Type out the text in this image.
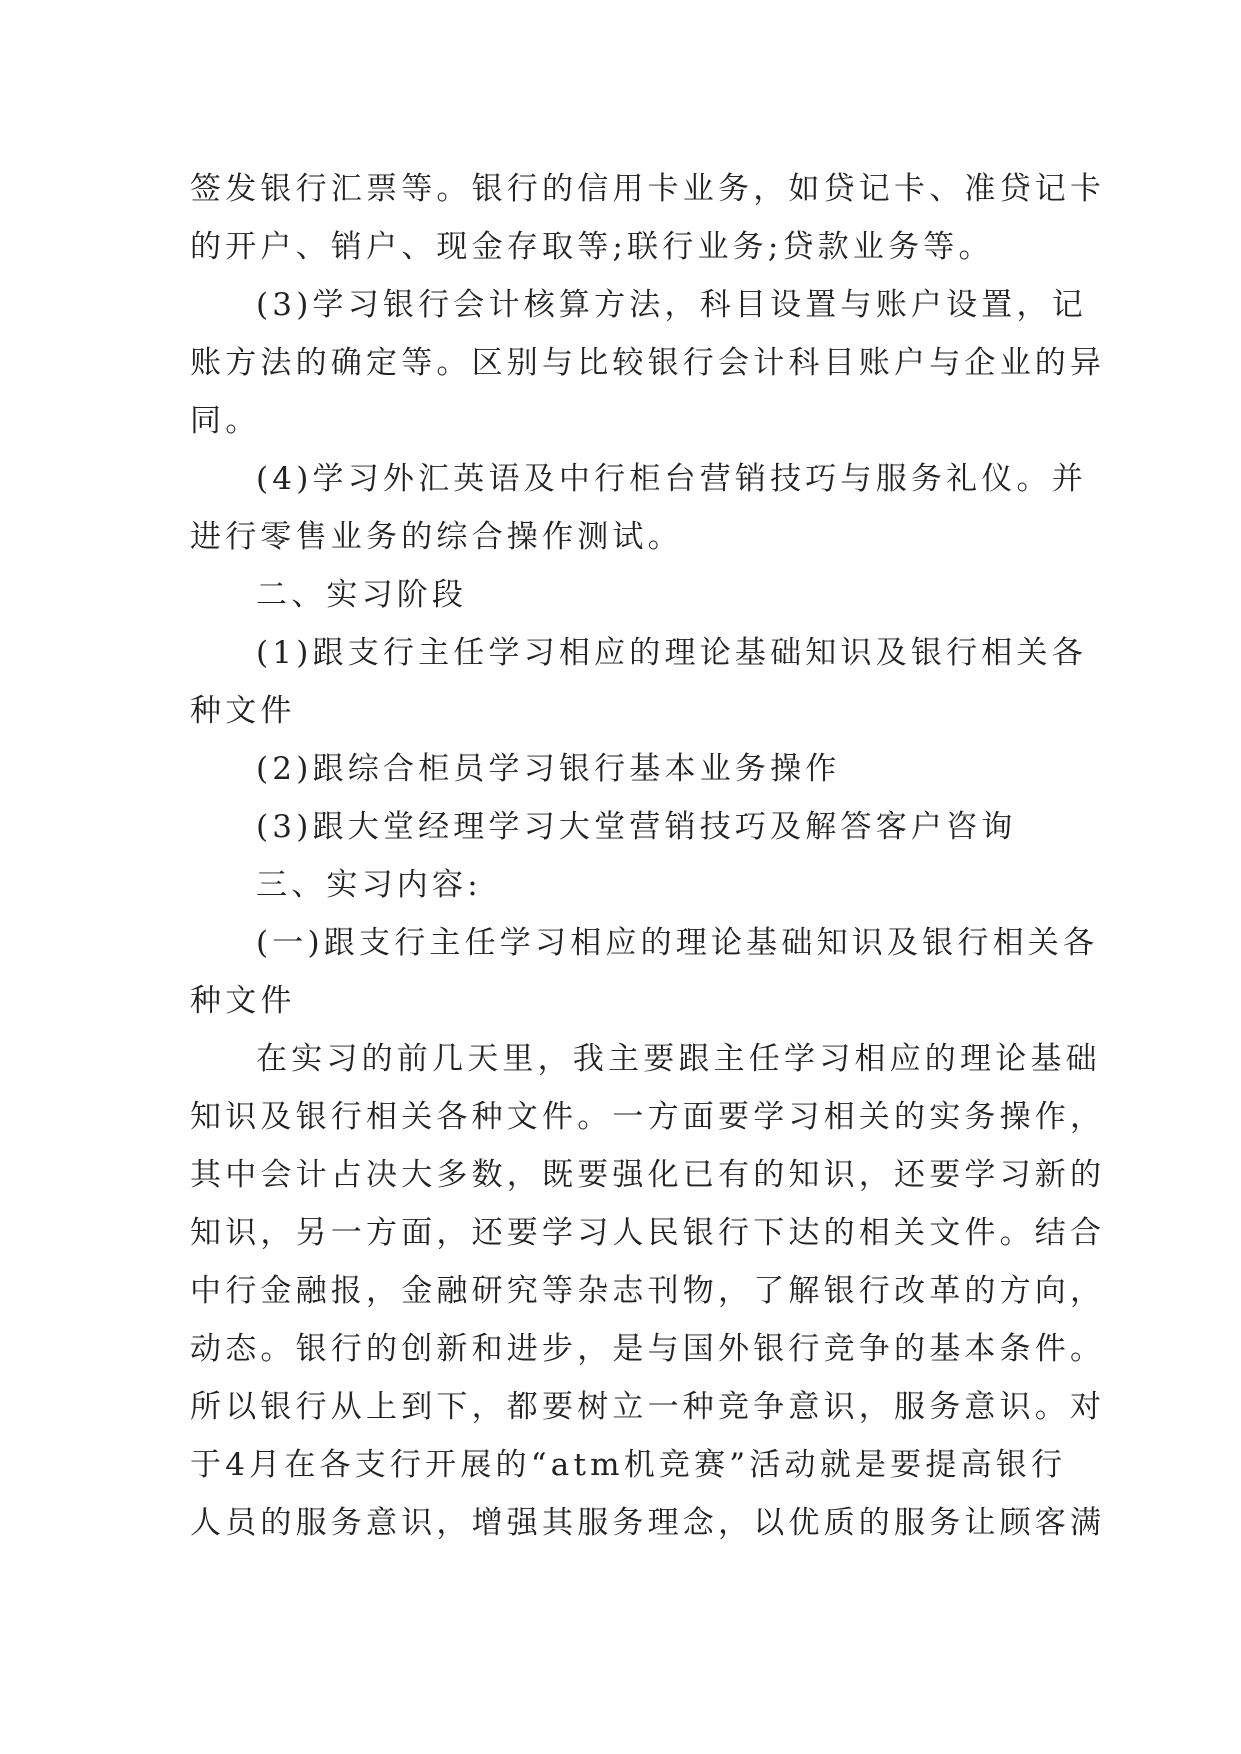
签发银行汇票等。银行的信用卡业务，如贷记卡、准贷记卡
的开户、销户、现金存取等;联行业务;贷款业务等。
(3)学习银行会计核算方法，科目设置与账户设置，记
账方法的确定等。区别与比较银行会计科目账户与企业的异
同。
(4)学习外汇英语及中行柜台营销技巧与服务礼仪。并
进行零售业务的综合操作测试。
二、实习阶段
(1)跟支行主任学习相应的理论基础知识及银行相关各
种文件
(2)跟综合柜员学习银行基本业务操作
(3)跟大堂经理学习大堂营销技巧及解答客户咨询
三、实习内容:
(一)跟支行主任学习相应的理论基础知识及银行相关各
种文件
在实习的前几天里，我主要跟主任学习相应的理论基础
知识及银行相关各种文件。一方面要学习相关的实务操作，
其中会计占决大多数，既要强化已有的知识，还要学习新的
知识，另一方面，还要学习人民银行下达的相关文件。结合
中行金融报，金融研究等杂志刊物，了解银行改革的方向，
动态。银行的创新和进步，是与国外银行竞争的基本条件。
所以银行从上到下，都要树立一种竞争意识，服务意识。对
于4月在各支行开展的“atm机竞赛”活动就是要提高银行
人员的服务意识，增强其服务理念，以优质的服务让顾客满
